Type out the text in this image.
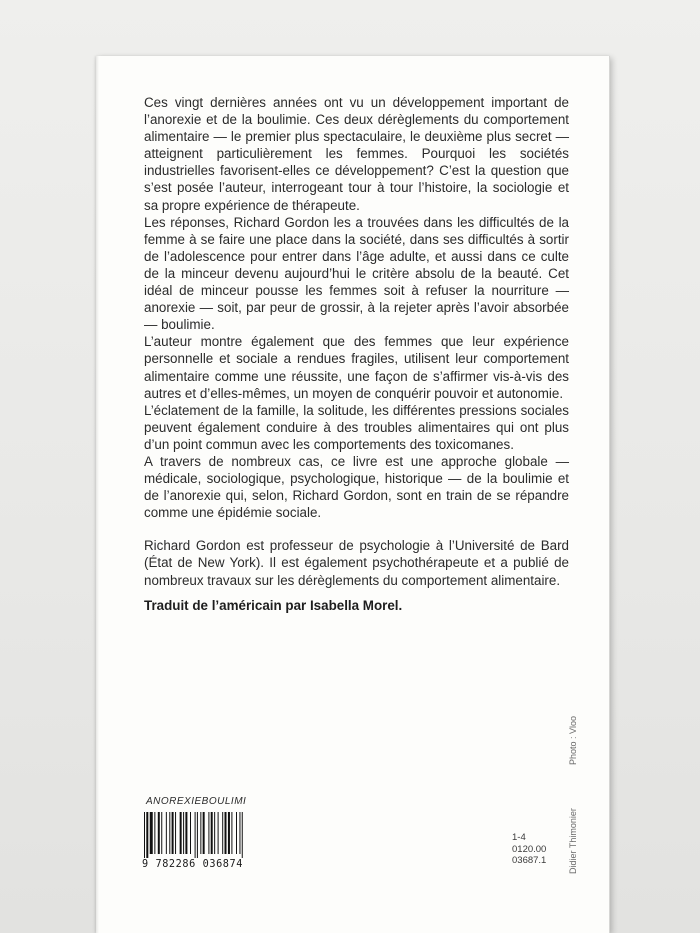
Ces vingt dernières années ont vu un développement important de l’anorexie et de la boulimie. Ces deux dérèglements du comportement alimentaire — le premier plus spectaculaire, le deuxième plus secret — atteignent particulièrement les femmes. Pourquoi les sociétés industrielles favorisent-elles ce développement? C’est la question que s’est posée l’auteur, interrogeant tour à tour l’histoire, la sociologie et sa propre expérience de thérapeute.

Les réponses, Richard Gordon les a trouvées dans les difficultés de la femme à se faire une place dans la société, dans ses difficultés à sortir de l’adolescence pour entrer dans l’âge adulte, et aussi dans ce culte de la minceur devenu aujourd’hui le critère absolu de la beauté. Cet idéal de minceur pousse les femmes soit à refuser la nourriture — anorexie — soit, par peur de grossir, à la rejeter après l’avoir absorbée — boulimie.

L’auteur montre également que des femmes que leur expérience personnelle et sociale a rendues fragiles, utilisent leur comportement alimentaire comme une réussite, une façon de s’affirmer vis-à-vis des autres et d’elles-mêmes, un moyen de conquérir pouvoir et autonomie.

L’éclatement de la famille, la solitude, les différentes pressions sociales peuvent également conduire à des troubles alimentaires qui ont plus d’un point commun avec les comportements des toxicomanes.

A travers de nombreux cas, ce livre est une approche globale — médicale, sociologique, psychologique, historique — de la boulimie et de l’anorexie qui, selon, Richard Gordon, sont en train de se répandre comme une épidémie sociale.

Richard Gordon est professeur de psychologie à l’Université de Bard (État de New York). Il est également psychothérapeute et a publié de nombreux travaux sur les dérèglements du comportement alimentaire.

Traduit de l’américain par Isabella Morel.

Photo : Vloo
Didier Thimonier
1-4
0120.00
03687.1
ANOREXIEBOULIMI
9 782286 036874
